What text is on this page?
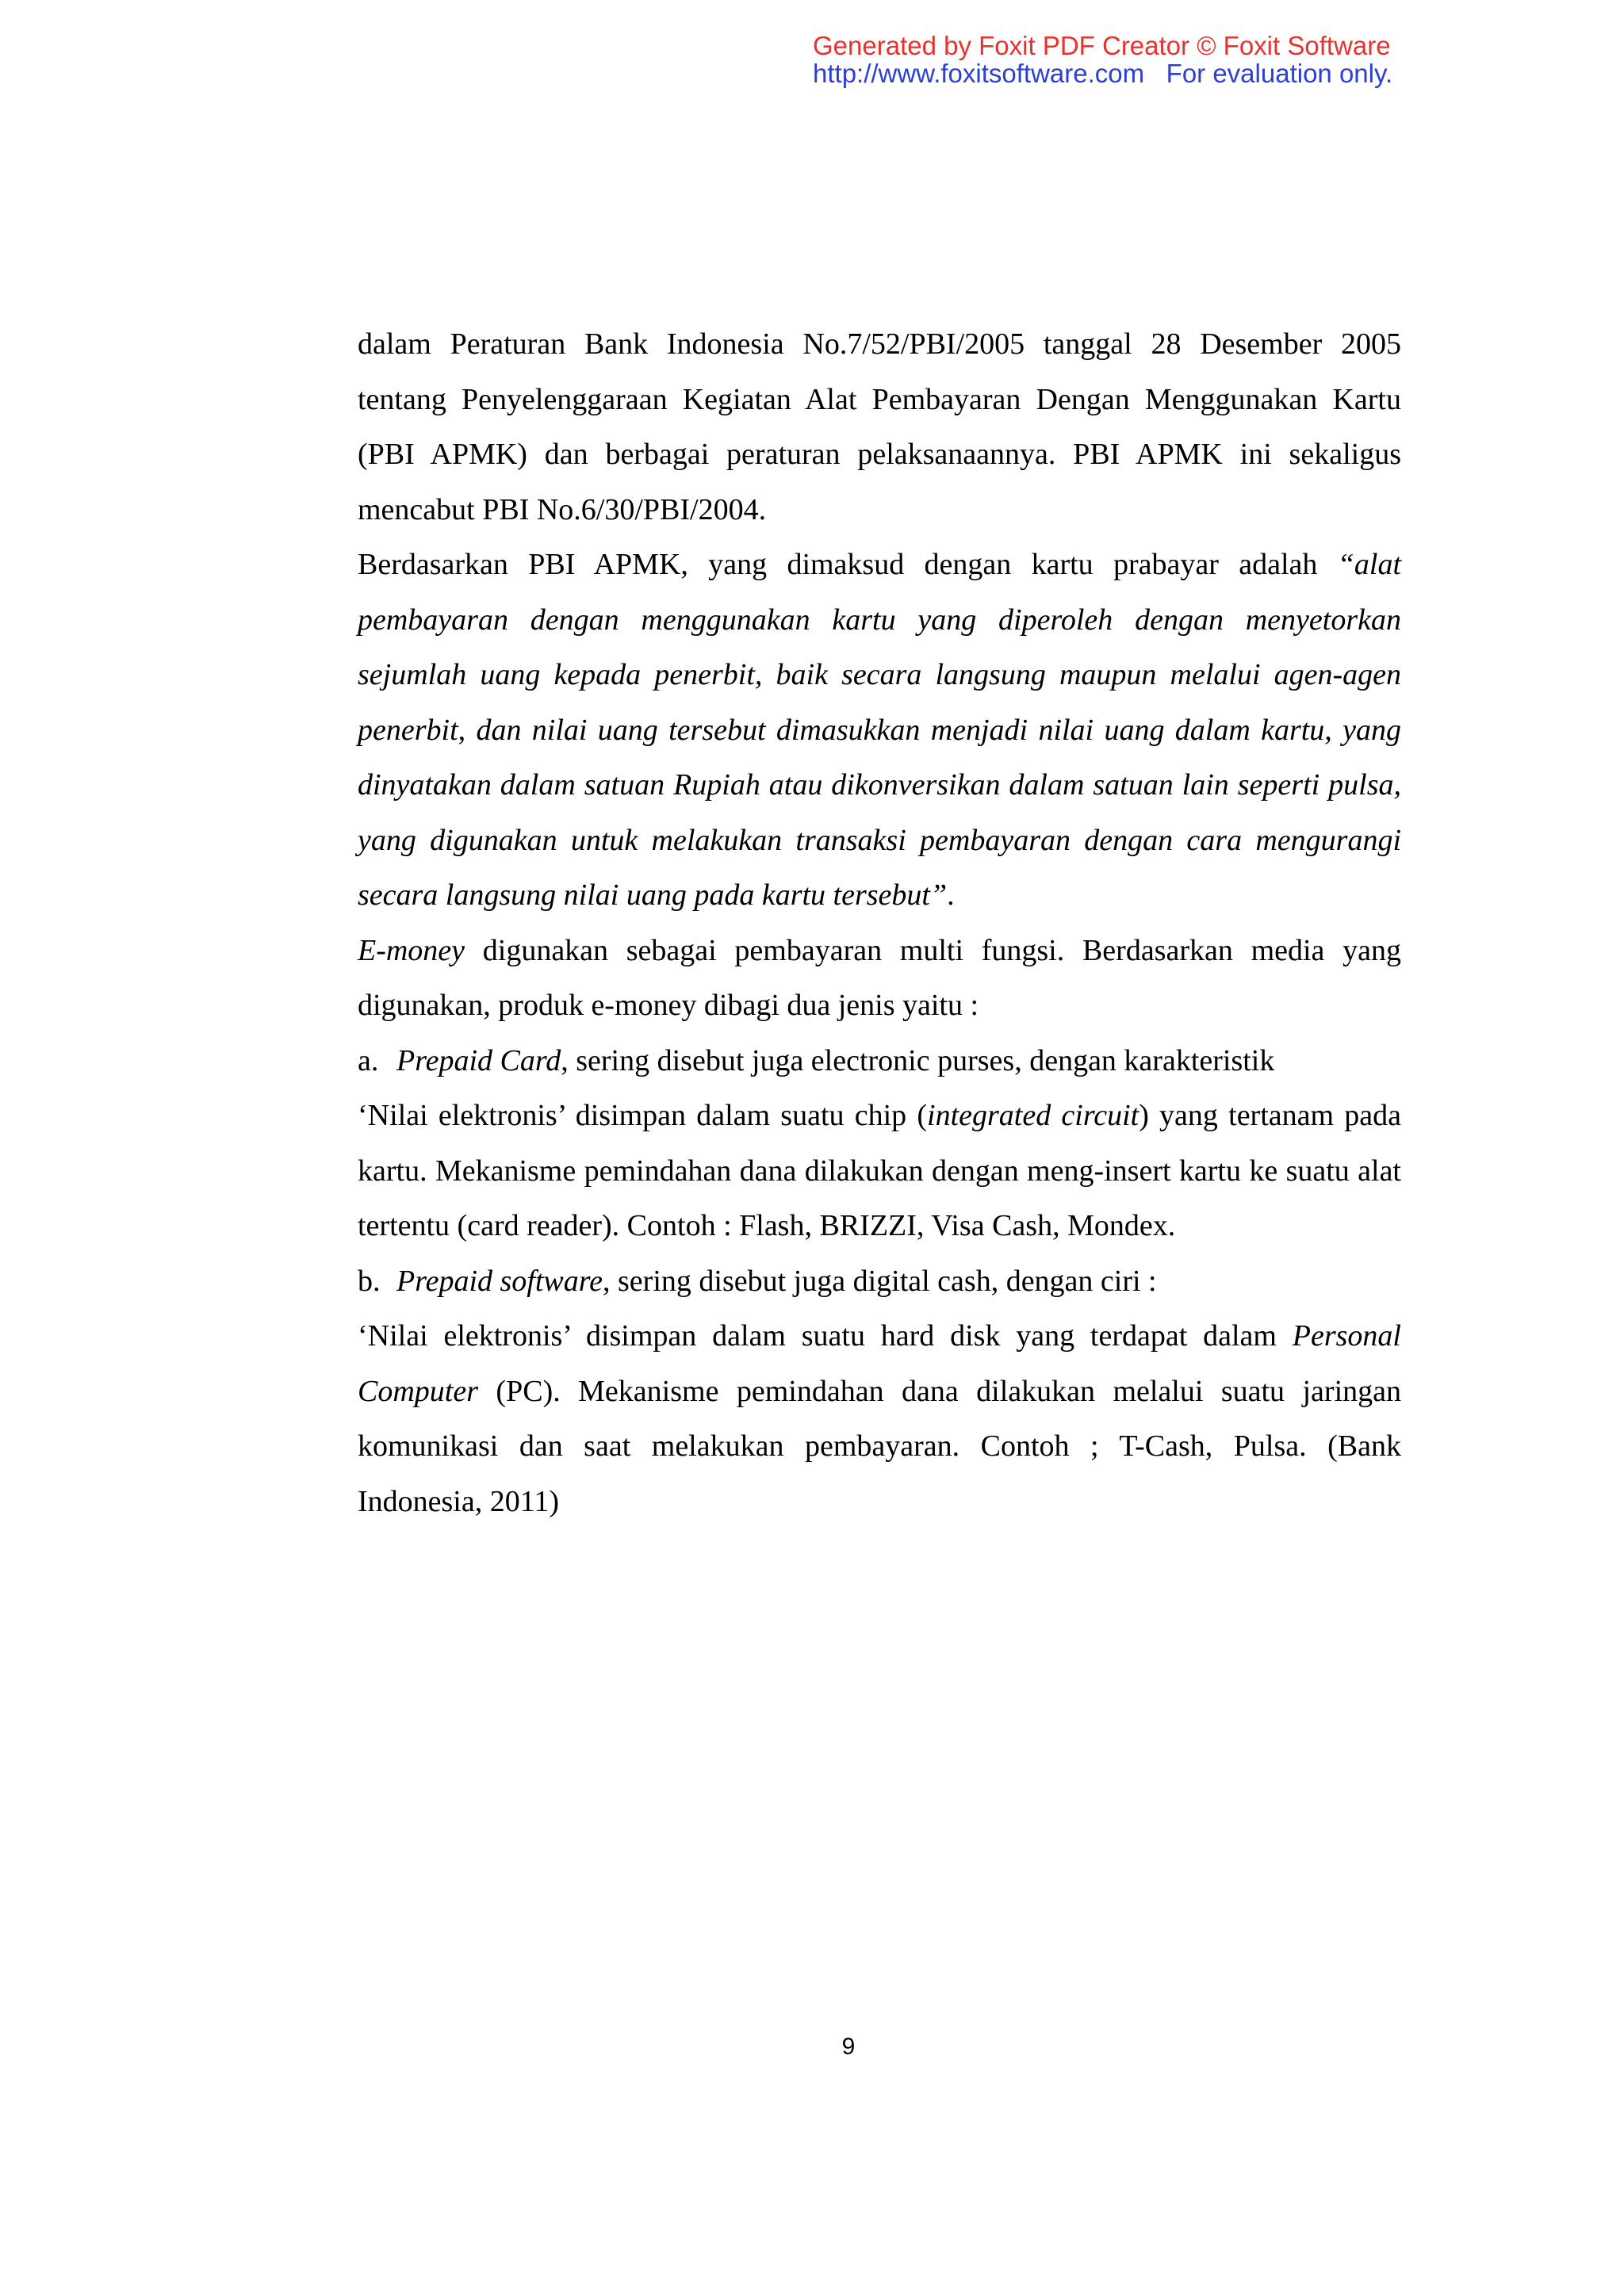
Generated by Foxit PDF Creator © Foxit Software
http://www.foxitsoftware.com For evaluation only.

dalam Peraturan Bank Indonesia No.7/52/PBI/2005 tanggal 28 Desember 2005 tentang Penyelenggaraan Kegiatan Alat Pembayaran Dengan Menggunakan Kartu (PBI APMK) dan berbagai peraturan pelaksanaannya. PBI APMK ini sekaligus mencabut PBI No.6/30/PBI/2004.

Berdasarkan PBI APMK, yang dimaksud dengan kartu prabayar adalah “alat pembayaran dengan menggunakan kartu yang diperoleh dengan menyetorkan sejumlah uang kepada penerbit, baik secara langsung maupun melalui agen-agen penerbit, dan nilai uang tersebut dimasukkan menjadi nilai uang dalam kartu, yang dinyatakan dalam satuan Rupiah atau dikonversikan dalam satuan lain seperti pulsa, yang digunakan untuk melakukan transaksi pembayaran dengan cara mengurangi secara langsung nilai uang pada kartu tersebut”.

E-money digunakan sebagai pembayaran multi fungsi. Berdasarkan media yang digunakan, produk e-money dibagi dua jenis yaitu :

a. Prepaid Card, sering disebut juga electronic purses, dengan karakteristik

‘Nilai elektronis’ disimpan dalam suatu chip (integrated circuit) yang tertanam pada kartu. Mekanisme pemindahan dana dilakukan dengan meng-insert kartu ke suatu alat tertentu (card reader). Contoh : Flash, BRIZZI, Visa Cash, Mondex.

b. Prepaid software, sering disebut juga digital cash, dengan ciri :

‘Nilai elektronis’ disimpan dalam suatu hard disk yang terdapat dalam Personal Computer (PC). Mekanisme pemindahan dana dilakukan melalui suatu jaringan komunikasi dan saat melakukan pembayaran. Contoh ; T-Cash, Pulsa. (Bank Indonesia, 2011)

9
